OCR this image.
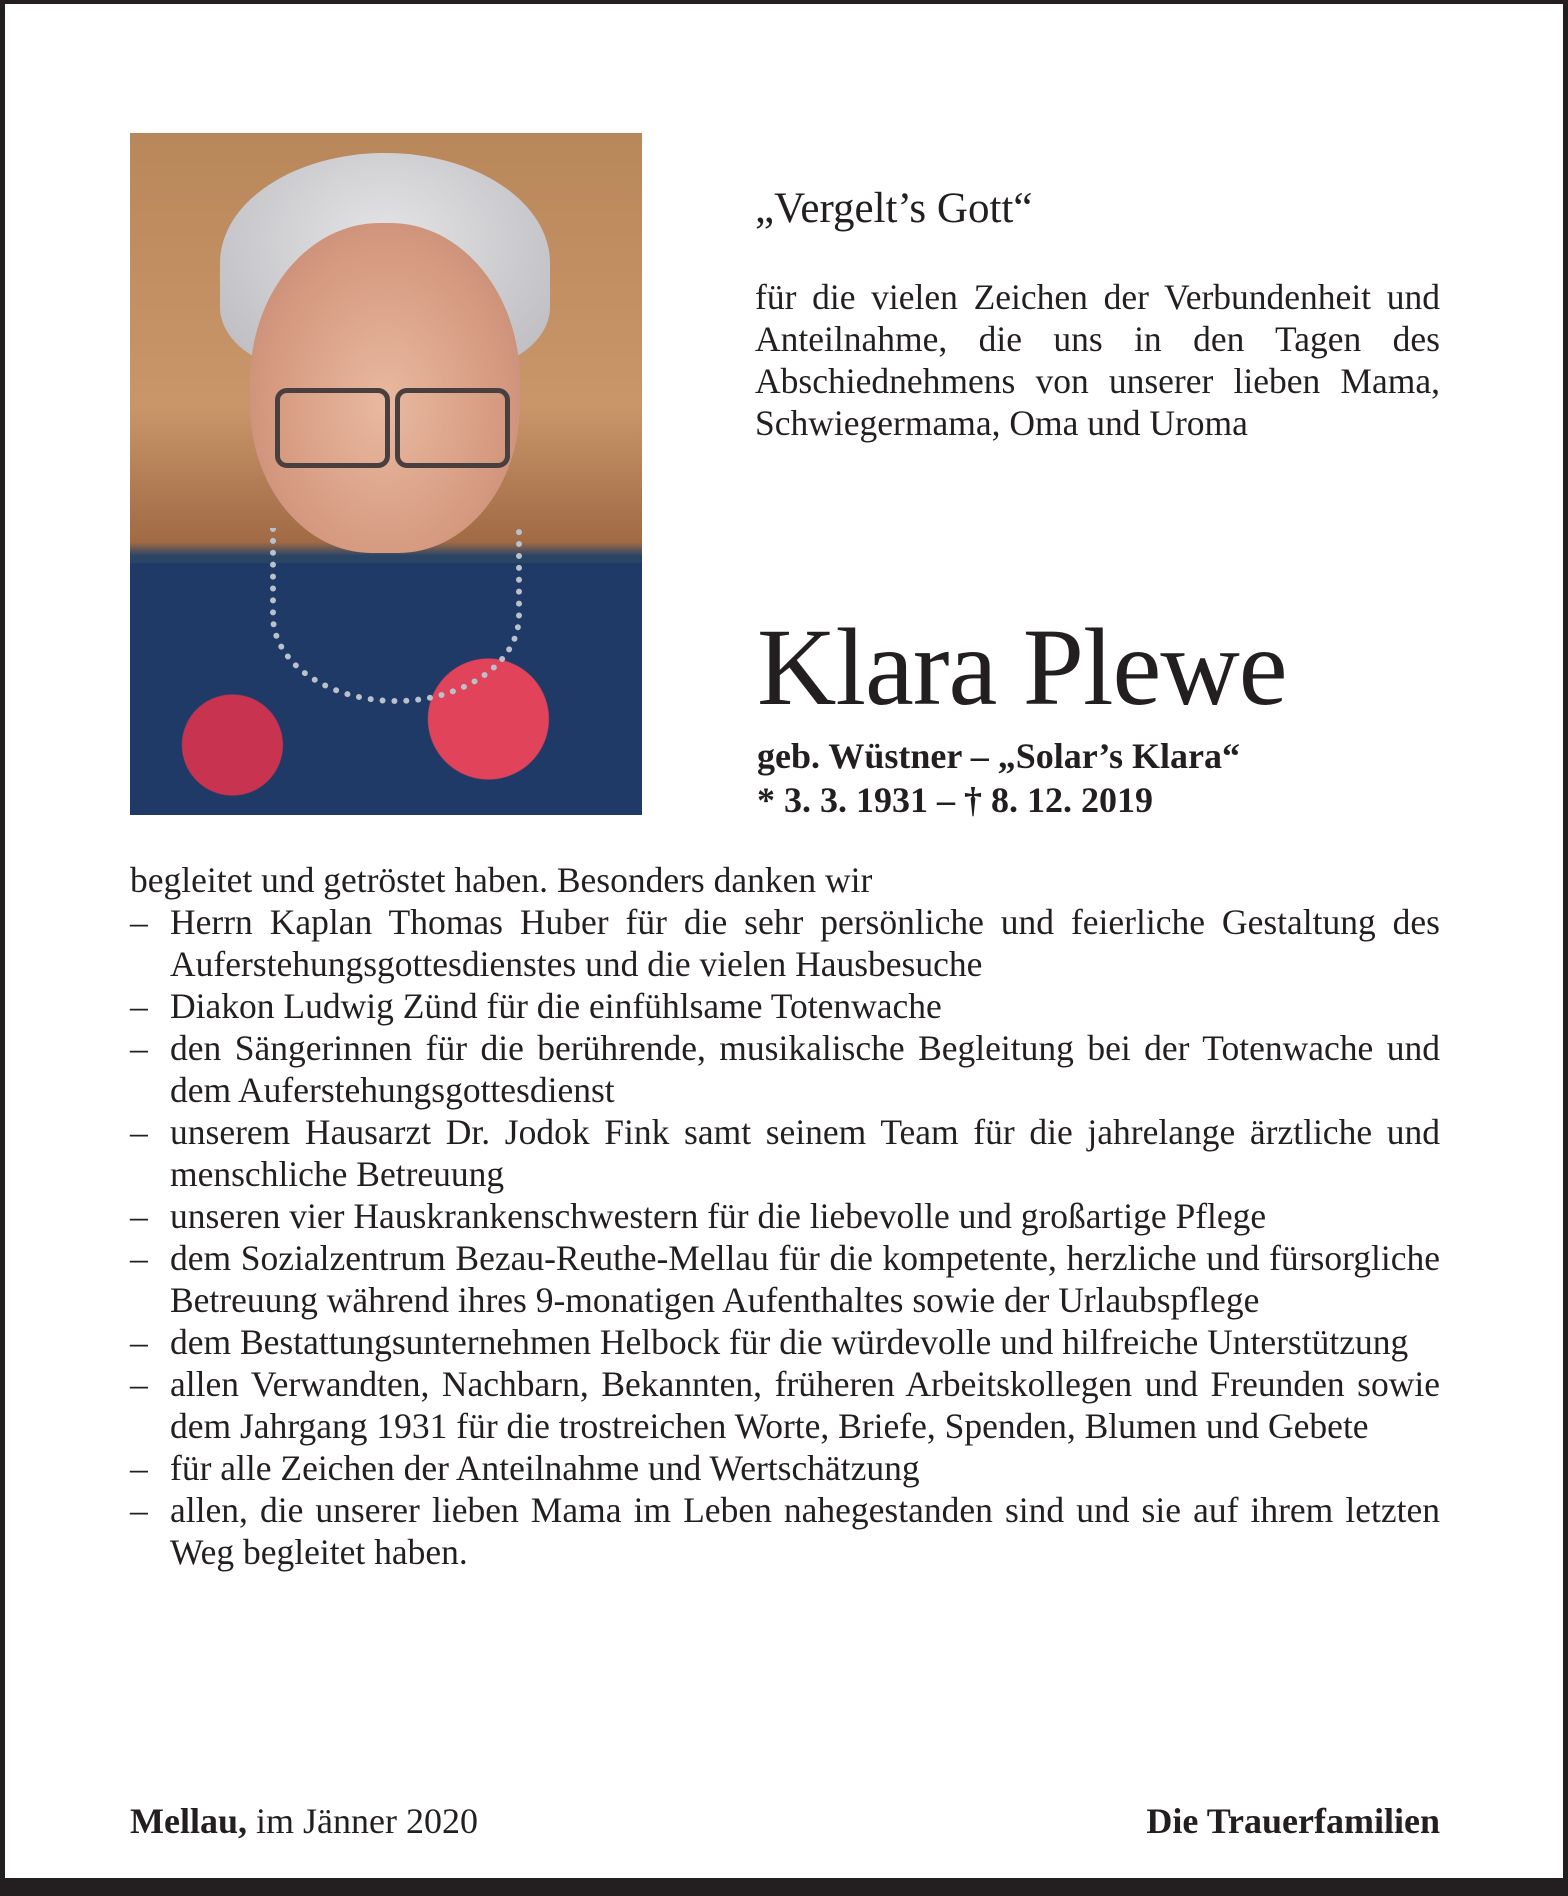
„Vergelt’s Gott“
für die vielen Zeichen der Verbundenheit und Anteilnahme, die uns in den Tagen des Abschiednehmens von unserer lieben Mama, Schwiegermama, Oma und Uroma
Klara Plewe
geb. Wüstner – „Solar’s Klara“
* 3. 3. 1931 – † 8. 12. 2019

begleitet und getröstet haben. Besonders danken wir

– Herrn Kaplan Thomas Huber für die sehr persönliche und feierliche Gestaltung des Auferstehungsgottesdienstes und die vielen Hausbesuche
– Diakon Ludwig Zünd für die einfühlsame Totenwache
– den Sängerinnen für die berührende, musikalische Begleitung bei der Totenwache und dem Auferstehungsgottesdienst
– unserem Hausarzt Dr. Jodok Fink samt seinem Team für die jahrelange ärztliche und menschliche Betreuung
– unseren vier Hauskrankenschwestern für die liebevolle und großartige Pflege
– dem Sozialzentrum Bezau-Reuthe-Mellau für die kompetente, herzliche und fürsorgliche Betreuung während ihres 9-monatigen Aufenthaltes sowie der Urlaubspflege
– dem Bestattungsunternehmen Helbock für die würdevolle und hilfreiche Unterstützung
– allen Verwandten, Nachbarn, Bekannten, früheren Arbeitskollegen und Freunden sowie dem Jahrgang 1931 für die trostreichen Worte, Briefe, Spenden, Blumen und Gebete
– für alle Zeichen der Anteilnahme und Wertschätzung
– allen, die unserer lieben Mama im Leben nahegestanden sind und sie auf ihrem letzten Weg begleitet haben.
Mellau, im Jänner 2020	Die Trauerfamilien
